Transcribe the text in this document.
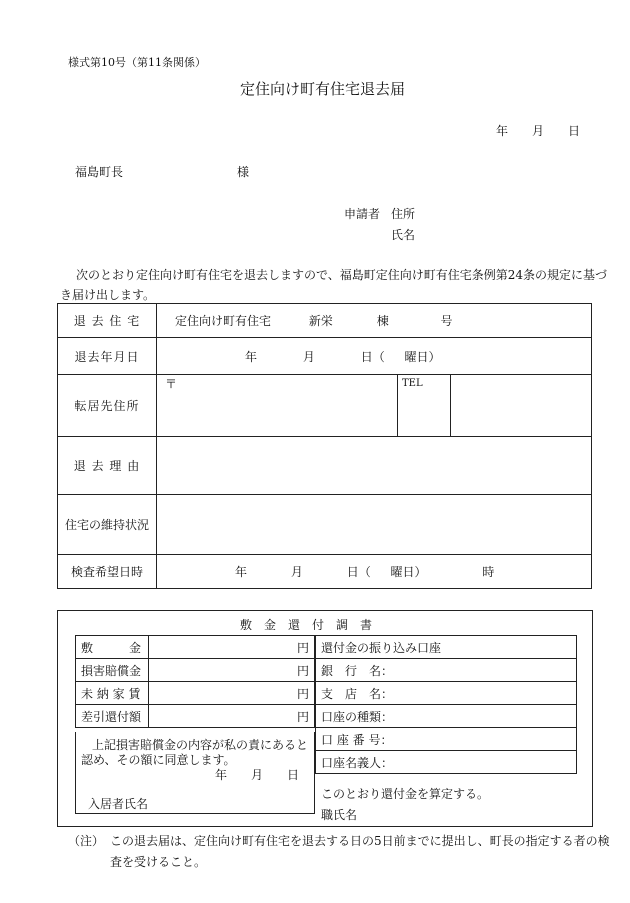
様式第10号（第11条関係）
定住向け町有住宅退去届
年　　月　　日
福島町長	様
申請者 住所
氏名
次のとおり定住向け町有住宅を退去しますので、福島町定住向け町有住宅条例第24条の規定に基づ
き届け出します。
退 去 住 宅	定住向け町有住宅 新栄 棟 号		
退去年月日	年 月 日（ 曜日）		
転居先住所	〒	TEL	
退 去 理 由			
住宅の維持状況			
検査希望日時	年 月 日（ 曜日） 時		
敷　金　還　付　調　書
敷　　　金	円
損害賠償金	円
未 納 家 賃	円
差引還付額	円
上記損害賠償金の内容が私の責にあると
認め、その額に同意します。
年　　月　　日
入居者氏名
還付金の振り込み口座
銀　行　名：
支　店　名：
口座の種類：
口 座 番 号：
口座名義人：
このとおり還付金を算定する。
職氏名
（注） この退去届は、定住向け町有住宅を退去する日の5日前までに提出し、町長の指定する者の検
査を受けること。
